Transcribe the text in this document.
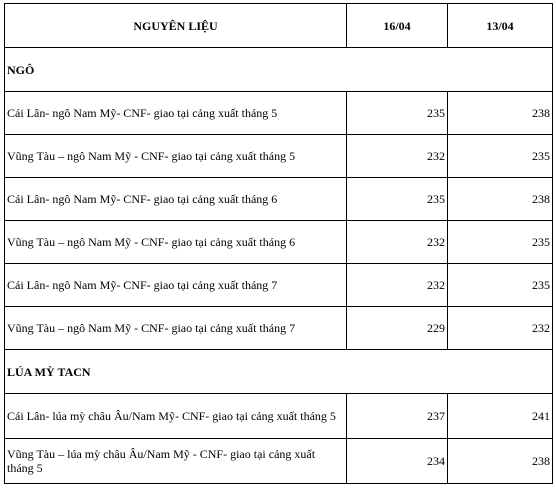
NGUYÊN LIỆU	16/04	13/04
NGÔ		
Cái Lân- ngô Nam Mỹ- CNF- giao tại cảng xuất tháng 5	235	238
Vũng Tàu – ngô Nam Mỹ - CNF- giao tại cảng xuất tháng 5	232	235
Cái Lân- ngô Nam Mỹ- CNF- giao tại cảng xuất tháng 6	235	238
Vũng Tàu – ngô Nam Mỹ - CNF- giao tại cảng xuất tháng 6	232	235
Cái Lân- ngô Nam Mỹ- CNF- giao tại cảng xuất tháng 7	232	235
Vũng Tàu – ngô Nam Mỹ - CNF- giao tại cảng xuất tháng 7	229	232
LÚA MỲ TACN		
Cái Lân- lúa mỳ châu Âu/Nam Mỹ- CNF- giao tại cảng xuất tháng 5	237	241
Vũng Tàu – lúa mỳ châu Âu/Nam Mỹ - CNF- giao tại cảng xuất tháng 5	234	238
